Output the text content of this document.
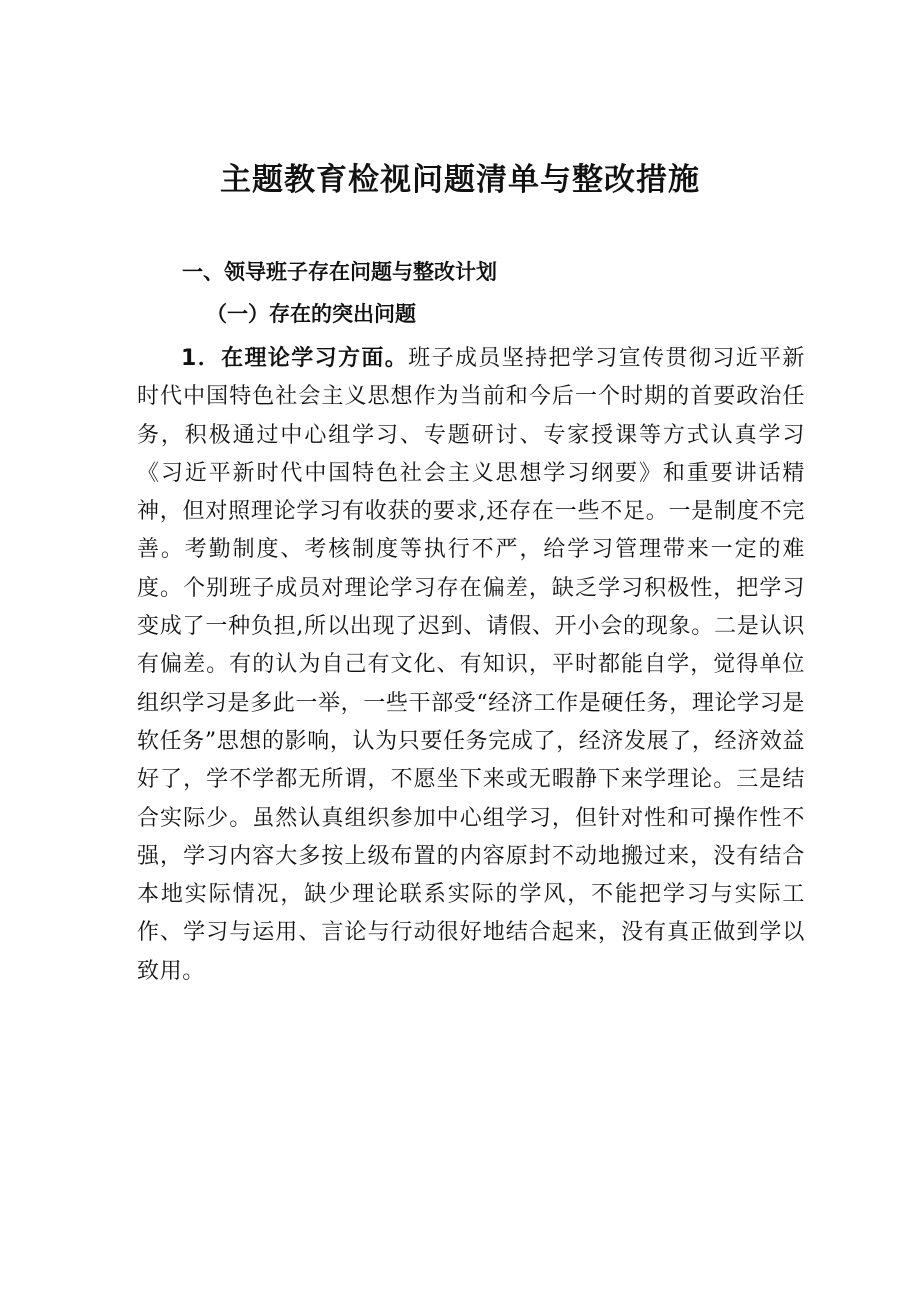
主题教育检视问题清单与整改措施
一、领导班子存在问题与整改计划
（一）存在的突出问题

1．在理论学习方面。班子成员坚持把学习宣传贯彻习近平新时代中国特色社会主义思想作为当前和今后一个时期的首要政治任务，积极通过中心组学习、专题研讨、专家授课等方式认真学习《习近平新时代中国特色社会主义思想学习纲要》和重要讲话精神，但对照理论学习有收获的要求,还存在一些不足。一是制度不完善。考勤制度、考核制度等执行不严，给学习管理带来一定的难度。个别班子成员对理论学习存在偏差，缺乏学习积极性，把学习变成了一种负担,所以出现了迟到、请假、开小会的现象。二是认识有偏差。有的认为自己有文化、有知识，平时都能自学，觉得单位组织学习是多此一举，一些干部受“经济工作是硬任务，理论学习是软任务”思想的影响，认为只要任务完成了，经济发展了，经济效益好了，学不学都无所谓，不愿坐下来或无暇静下来学理论。三是结合实际少。虽然认真组织参加中心组学习，但针对性和可操作性不强，学习内容大多按上级布置的内容原封不动地搬过来，没有结合本地实际情况，缺少理论联系实际的学风，不能把学习与实际工作、学习与运用、言论与行动很好地结合起来，没有真正做到学以致用。
